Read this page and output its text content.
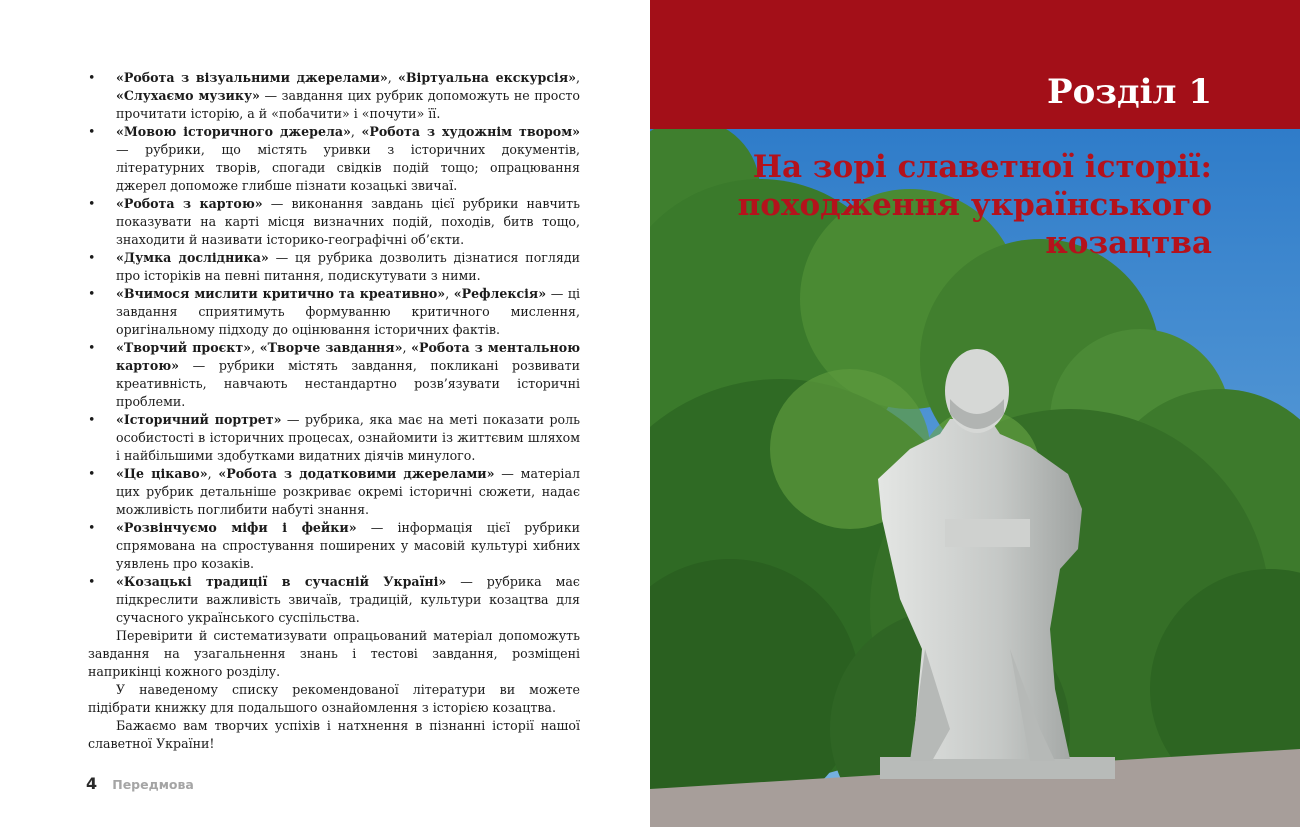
• «Робота з візуальними джерелами», «Віртуальна екскурсія», «Слухаємо музику» — завдання цих рубрик допоможуть не просто прочитати історію, а й «побачити» і «почути» її.
• «Мовою історичного джерела», «Робота з художнім твором» — рубрики, що містять уривки з історичних документів, літературних творів, спогади свідків подій тощо; опрацювання джерел допоможе глибше пізнати козацькі звичаї.
• «Робота з картою» — виконання завдань цієї рубрики навчить показувати на карті місця визначних подій, походів, битв тощо, знаходити й називати історико-географічні об’єкти.
• «Думка дослідника» — ця рубрика дозволить дізнатися погляди про історіків на певні питання, подискутувати з ними.
• «Вчимося мислити критично та креативно», «Рефлексія» — ці завдання сприятимуть формуванню критичного мислення, оригінальному підходу до оцінювання історичних фактів.
• «Творчий проєкт», «Творче завдання», «Робота з ментальною картою» — рубрики містять завдання, покликані розвивати креативність, навчають нестандартно розв’язувати історичні проблеми.
• «Історичний портрет» — рубрика, яка має на меті показати роль особистості в історичних процесах, ознайомити із життєвим шляхом і найбільшими здобутками видатних діячів минулого.
• «Це цікаво», «Робота з додатковими джерелами» — матеріал цих рубрик детальніше розкриває окремі історичні сюжети, надає можливість поглибити набуті знання.
• «Розвінчуємо міфи і фейки» — інформація цієї рубрики спрямована на спростування поширених у масовій культурі хибних уявлень про козаків.
• «Козацькі традиції в сучасній Україні» — рубрика має підкреслити важливість звичаїв, традицій, культури козацтва для сучасного українського суспільства.

Перевірити й систематизувати опрацьований матеріал допоможуть завдання на узагальнення знань і тестові завдання, розміщені наприкінці кожного розділу.

У наведеному списку рекомендованої літератури ви можете підібрати книжку для подальшого ознайомлення з історією козацтва.

Бажаємо вам творчих успіхів і натхнення в пізнанні історії нашої славетної України!

4 Передмова
Розділ 1
На зорі славетної історії:
походження українського
козацтва
